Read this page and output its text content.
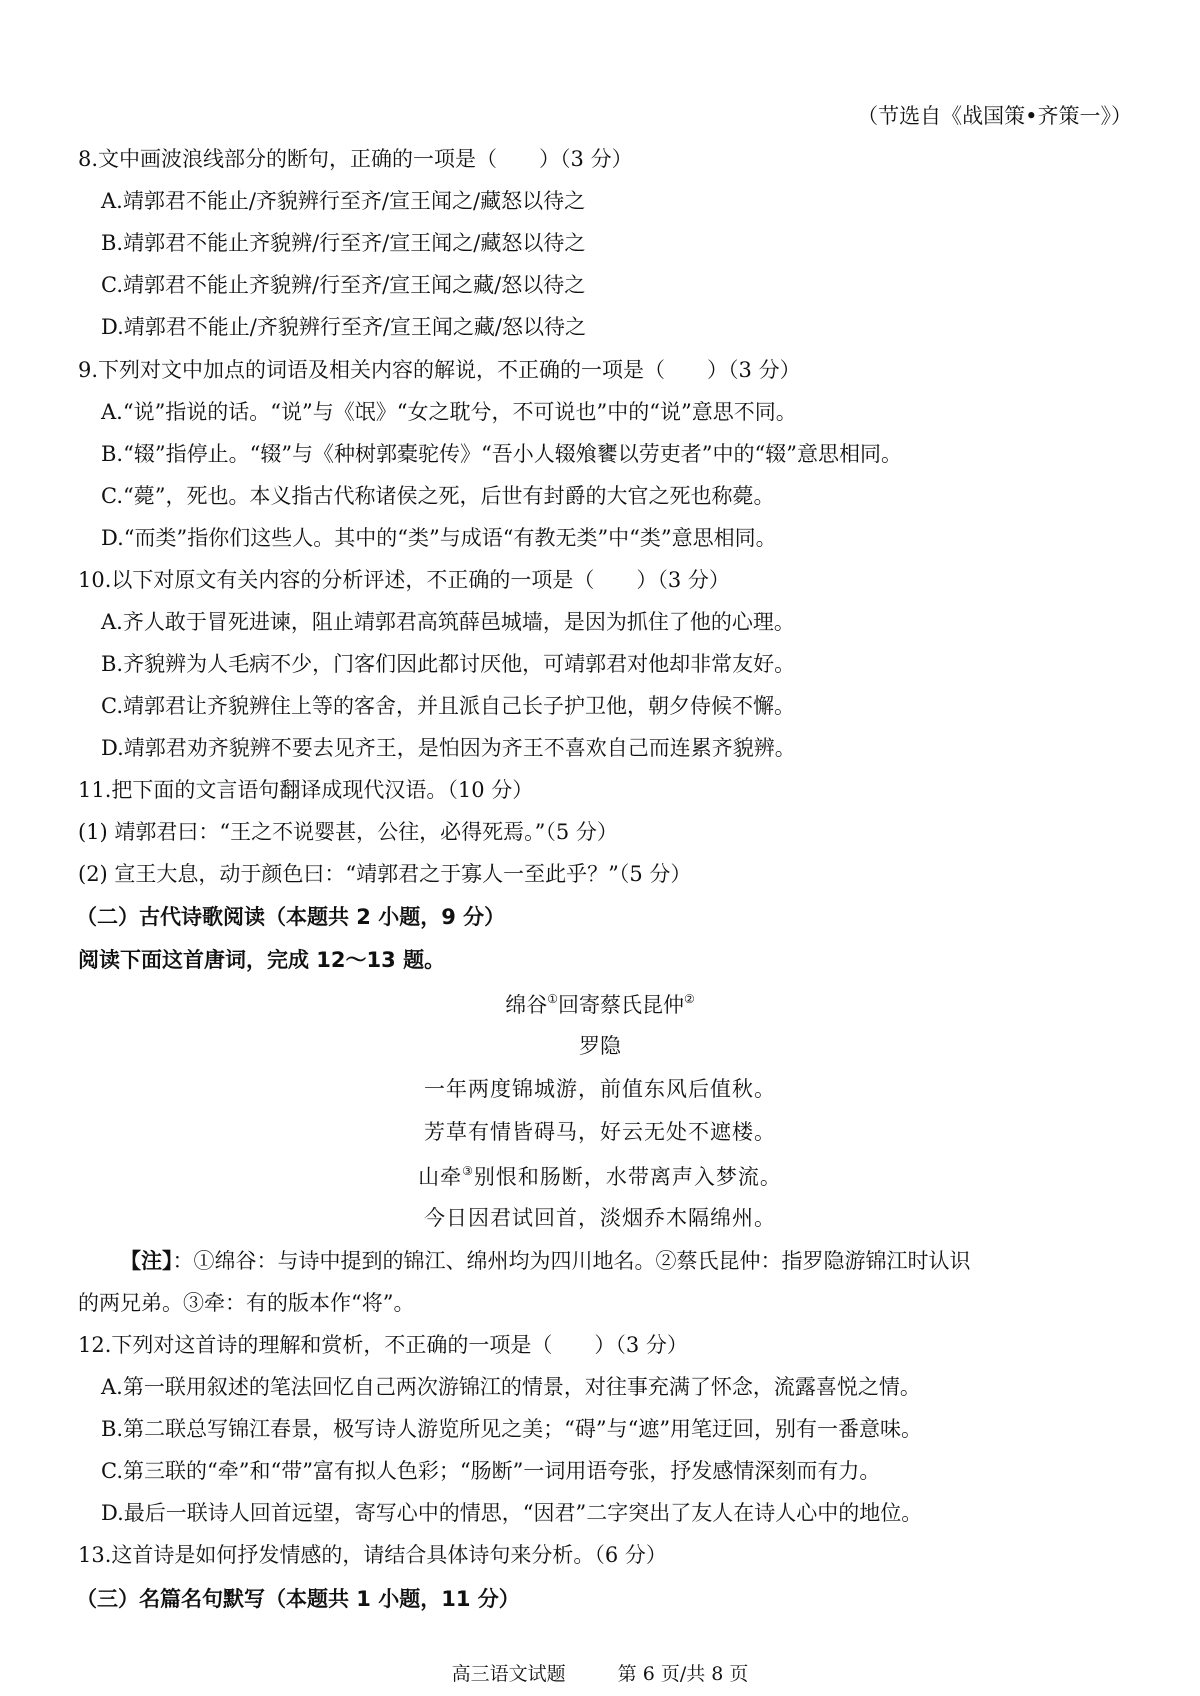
（节选自《战国策•齐策一》）
8.文中画波浪线部分的断句，正确的一项是（　　）（3 分）
A.靖郭君不能止/齐貌辨行至齐/宣王闻之/藏怒以待之
B.靖郭君不能止齐貌辨/行至齐/宣王闻之/藏怒以待之
C.靖郭君不能止齐貌辨/行至齐/宣王闻之藏/怒以待之
D.靖郭君不能止/齐貌辨行至齐/宣王闻之藏/怒以待之
9.下列对文中加点的词语及相关内容的解说，不正确的一项是（　　）（3 分）
A.“说”指说的话。“说”与《氓》“女之耽兮，不可说也”中的“说”意思不同。
B.“辍”指停止。“辍”与《种树郭橐驼传》“吾小人辍飧饔以劳吏者”中的“辍”意思相同。
C.“薨”，死也。本义指古代称诸侯之死，后世有封爵的大官之死也称薨。
D.“而类”指你们这些人。其中的“类”与成语“有教无类”中“类”意思相同。
10.以下对原文有关内容的分析评述，不正确的一项是（　　）（3 分）
A.齐人敢于冒死进谏，阻止靖郭君高筑薛邑城墙，是因为抓住了他的心理。
B.齐貌辨为人毛病不少，门客们因此都讨厌他，可靖郭君对他却非常友好。
C.靖郭君让齐貌辨住上等的客舍，并且派自己长子护卫他，朝夕侍候不懈。
D.靖郭君劝齐貌辨不要去见齐王，是怕因为齐王不喜欢自己而连累齐貌辨。
11.把下面的文言语句翻译成现代汉语。（10 分）
(1) 靖郭君曰：“王之不说婴甚，公往，必得死焉。”（5 分）
(2) 宣王大息，动于颜色曰：“靖郭君之于寡人一至此乎？”（5 分）
（二）古代诗歌阅读（本题共 2 小题，9 分）
阅读下面这首唐词，完成 12～13 题。
绵谷①回寄蔡氏昆仲②
罗隐
一年两度锦城游，前值东风后值秋。
芳草有情皆碍马，好云无处不遮楼。
山牵③别恨和肠断，水带离声入梦流。
今日因君试回首，淡烟乔木隔绵州。
【注】：①绵谷：与诗中提到的锦江、绵州均为四川地名。②蔡氏昆仲：指罗隐游锦江时认识
的两兄弟。③牵：有的版本作“将”。
12.下列对这首诗的理解和赏析，不正确的一项是（　　）（3 分）
A.第一联用叙述的笔法回忆自己两次游锦江的情景，对往事充满了怀念，流露喜悦之情。
B.第二联总写锦江春景，极写诗人游览所见之美；“碍”与“遮”用笔迂回，别有一番意味。
C.第三联的“牵”和“带”富有拟人色彩；“肠断”一词用语夸张，抒发感情深刻而有力。
D.最后一联诗人回首远望，寄写心中的情思，“因君”二字突出了友人在诗人心中的地位。
13.这首诗是如何抒发情感的，请结合具体诗句来分析。（6 分）
（三）名篇名句默写（本题共 1 小题，11 分）
高三语文试题	第 6 页/共 8 页
